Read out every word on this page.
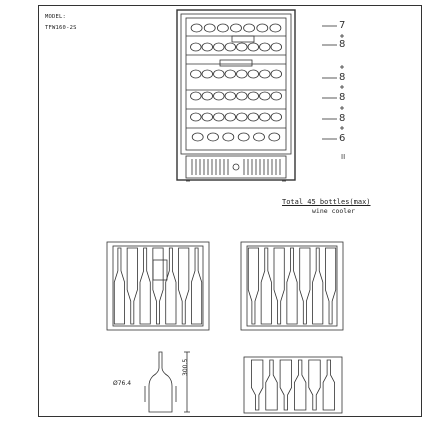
MODEL:
TFW160-2S	7
8
8
8
8
6
II
Total 45 bottles(max)
wine cooler
Ø76.4
300.5
